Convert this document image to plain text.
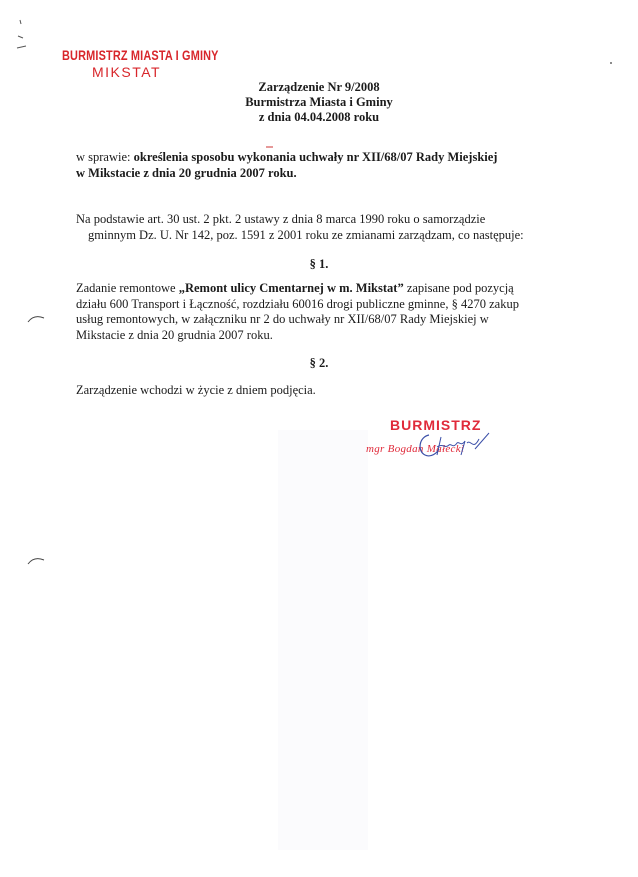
BURMISTRZ MIASTA I GMINY
MIKSTAT
Zarządzenie Nr 9/2008
Burmistrza Miasta i Gminy
z dnia 04.04.2008 roku
w sprawie: określenia sposobu wykonania uchwały nr XII/68/07 Rady Miejskiej
w Mikstacie z dnia 20 grudnia 2007 roku.
Na podstawie art. 30 ust. 2 pkt. 2 ustawy z dnia 8 marca 1990 roku o samorządzie

gminnym Dz. U. Nr 142, poz. 1591 z 2001 roku ze zmianami zarządzam, co następuje:
§ 1.
Zadanie remontowe „Remont ulicy Cmentarnej w m. Mikstat” zapisane pod pozycją
działu 600 Transport i Łączność, rozdziału 60016 drogi publiczne gminne, § 4270 zakup
usług remontowych, w załączniku nr 2 do uchwały nr XII/68/07 Rady Miejskiej w
Mikstacie z dnia 20 grudnia 2007 roku.
§ 2.
Zarządzenie wchodzi w życie z dniem podjęcia.
BURMISTRZ
mgr Bogdan Małecki
